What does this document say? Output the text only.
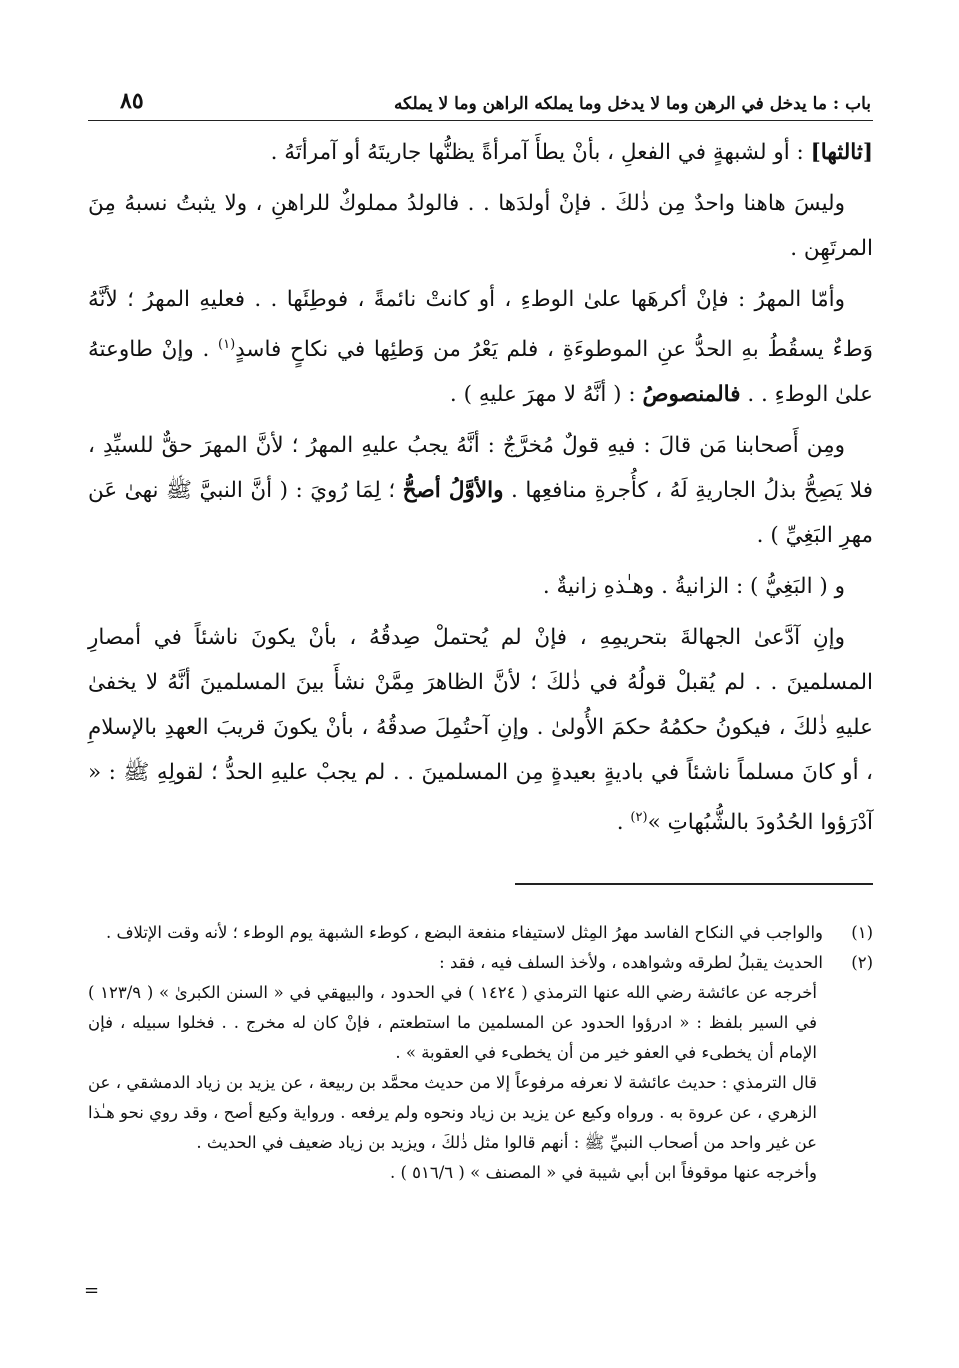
باب : ما يدخل في الرهن وما لا يدخل وما يملكه الراهن وما لا يملكه
٨٥

[ثالثها] : أو لشبهةٍ في الفعلِ ، بأنْ يطأَ آمرأةً يظنُّها جاريتَهُ أو آمرأتَهُ .

وليسَ هاهنا واحدٌ مِن ذٰلكَ . فإنْ أولدَها . . فالولدُ مملوكٌ للراهنِ ، ولا يثبتُ نسبهُ مِنَ المرتَهِن .

وأمّا المهرُ : فإنْ أكرهَها علىٰ الوطءِ ، أو كانتْ نائمةً ، فوطِئَها . . فعليهِ المهرُ ؛ لأنَّهُ وَطءٌ يسقُطُ بهِ الحدُّ عنِ الموطوءَةِ ، فلم يَعْرُ من وَطئِها في نكاحٍ فاسدٍ$^{(١)}$ . وإنْ طاوعتهُ علىٰ الوطءِ . . فالمنصوصُ : ( أنَّهُ لا مهرَ عليهِ ) .

ومِن أَصحابنا مَن قالَ : فيهِ قولٌ مُخرَّجٌ : أنَّهُ يجبُ عليهِ المهرُ ؛ لأنَّ المهرَ حقٌّ للسيِّدِ ، فلا يَصِحُّ بذلُ الجاريةِ لَهُ ، كأُجرةِ منافعِها . والأوَّلُ أصحُّ ؛ لِمَا رُويَ : ( أنَّ النبيَّ ﷺ نهىٰ عَن مهرِ البَغِيِّ ) .

و ( البَغِيُّ ) : الزانيةُ . وهـٰذهِ زانيةٌ .

وإنِ آدَّعىٰ الجهالةَ بتحريمِهِ ، فإنْ لم يُحتملْ صِدقُهُ ، بأنْ يكونَ ناشئاً في أمصارِ المسلمينَ . . لم يُقبلْ قولُهُ في ذٰلكَ ؛ لأنَّ الظاهرَ مِمَّنْ نشأَ بينَ المسلمينَ أنَّهُ لا يخفىٰ عليهِ ذٰلكَ ، فيكونُ حكمُهُ حكمَ الأُولىٰ . وإنِ آحتُمِلَ صدقُهُ ، بأنْ يكونَ قريبَ العهدِ بالإسلامِ ، أو كانَ مسلماً ناشئاً في باديةٍ بعيدةٍ مِن المسلمينَ . . لم يجبْ عليهِ الحدُّ ؛ لقولِهِ ﷺ : « آدْرَؤوا الحُدُودَ بالشُّبُهاتِ »$^{(٢)}$ .

(١)
والواجب في النكاح الفاسد مهرُ المِثل لاستيفاء منفعة البضع ، كوطء الشبهة يوم الوطء ؛ لأنه وقت الإتلاف .
(٢)
الحديث يقبلُ لطرقه وشواهده ، ولأخذ السلف فيه ، فقد :

أخرجه عن عائشة رضي الله عنها الترمذي ( ١٤٢٤ ) في الحدود ، والبيهقي في « السنن الكبرىٰ » ( ١٢٣/٩ ) في السير بلفظ : « ادرؤوا الحدود عن المسلمين ما استطعتم ، فإنْ كان له مخرج . . فخلوا سبيله ، فإن الإمام أن يخطىء في العفو خير من أن يخطىء في العقوبة » .

قال الترمذي : حديث عائشة لا نعرفه مرفوعاً إلا من حديث محمَّد بن ربيعة ، عن يزيد بن زياد الدمشقي ، عن الزهري ، عن عروة به . ورواه وكيع عن يزيد بن زياد ونحوه ولم يرفعه . ورواية وكيع أصح ، وقد روي نحو هـٰذا عن غير واحد من أصحاب النبيِّ ﷺ : أنهم قالوا مثل ذٰلكَ ، ويزيد بن زياد ضعيف في الحديث .

وأخرجه عنها موقوفاً ابن أبي شيبة في « المصنف » ( ٥١٦/٦ ) .

=
